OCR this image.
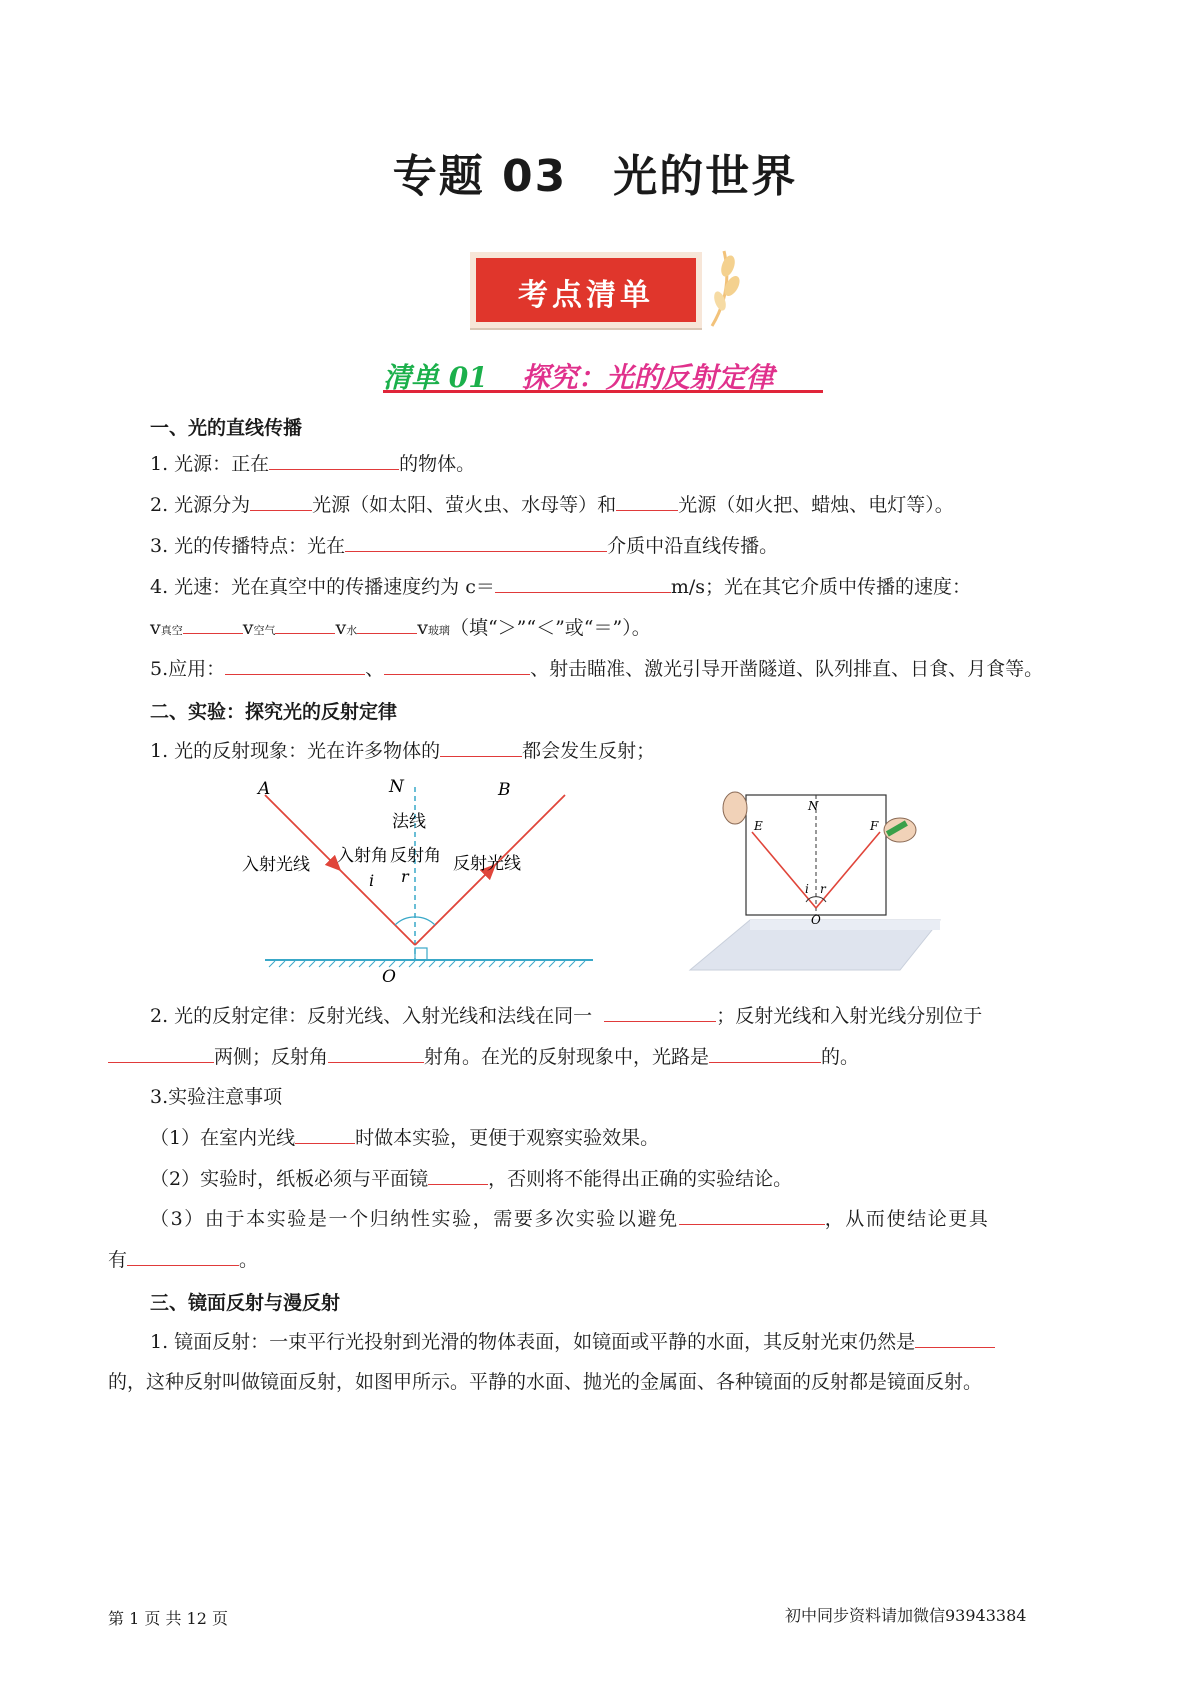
专题 03　光的世界
考点清单
清单 01 探究：光的反射定律
一、光的直线传播
1. 光源：正在	的物体。
2. 光源分为	光源（如太阳、萤火虫、水母等）和	光源（如火把、蜡烛、电灯等）。
3. 光的传播特点：光在	介质中沿直线传播。
4. 光速：光在真空中的传播速度约为 c＝	m/s；光在其它介质中传播的速度：
v真空	v空气	v水	v玻璃（填“＞”“＜”或“＝”）。
5.应用：	、	、射击瞄准、激光引导开凿隧道、队列排直、日食、月食等。
二、实验：探究光的反射定律
1. 光的反射现象：光在许多物体的	都会发生反射；
N
法线
A	B
入射光线 入射角 反射角 反射光线
i r
O
N
E	F
i r
O
2. 光的反射定律：反射光线、入射光线和法线在同一	；反射光线和入射光线分别位于
两侧；反射角	射角。在光的反射现象中，光路是	的。
3.实验注意事项
（1）在室内光线	时做本实验，更便于观察实验效果。
（2）实验时，纸板必须与平面镜	，否则将不能得出正确的实验结论。
（3）由于本实验是一个归纳性实验，需要多次实验以避免	，从而使结论更具
有	。
三、镜面反射与漫反射
1. 镜面反射：一束平行光投射到光滑的物体表面，如镜面或平静的水面，其反射光束仍然是
的，这种反射叫做镜面反射，如图甲所示。平静的水面、抛光的金属面、各种镜面的反射都是镜面反射。
第 1 页 共 12 页	初中同步资料请加微信93943384
